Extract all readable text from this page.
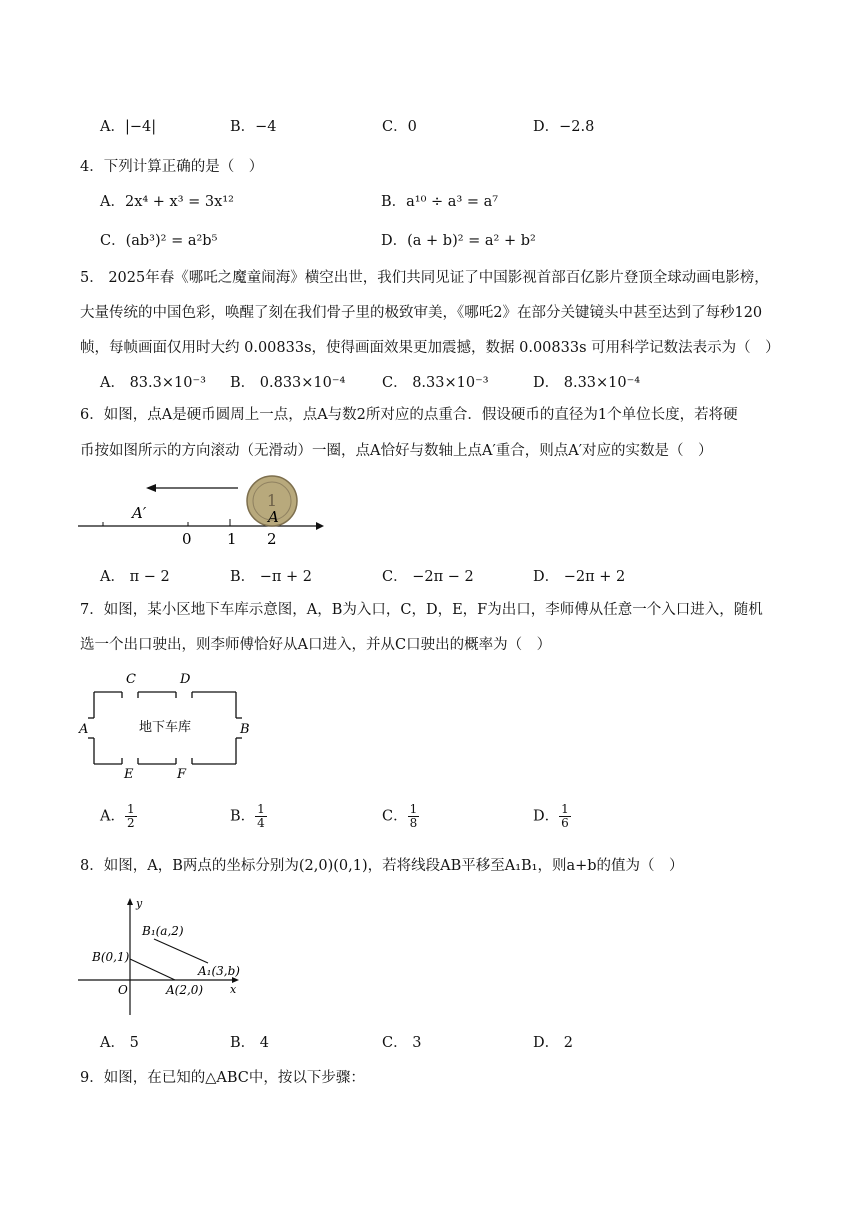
A．|−4|	B．−4	C．0	D．−2.8
4．下列计算正确的是（　）
A．2x⁴ + x³ = 3x¹²	B．a¹⁰ ÷ a³ = a⁷
C．(ab³)² = a²b⁵	D．(a + b)² = a² + b²
5． 2025年春《哪吒之魔童闹海》横空出世，我们共同见证了中国影视首部百亿影片登顶全球动画电影榜，
大量传统的中国色彩，唤醒了刻在我们骨子里的极致审美，《哪吒2》在部分关键镜头中甚至达到了每秒120
帧，每帧画面仅用时大约 0.00833s，使得画面效果更加震撼，数据 0.00833s 可用科学记数法表示为（　）
A． 83.3×10⁻³ B． 0.833×10⁻⁴	C． 8.33×10⁻³	D． 8.33×10⁻⁴
6．如图，点A是硬币圆周上一点，点A与数2所对应的点重合．假设硬币的直径为1个单位长度，若将硬
币按如图所示的方向滚动（无滑动）一圈，点A恰好与数轴上点A′重合，则点A′对应的实数是（　）
1
A′
0 1 2
A
A． π − 2	B． −π + 2	C． −2π − 2	D． −2π + 2
7．如图，某小区地下车库示意图，A，B为入口，C，D，E，F为出口，李师傅从任意一个入口进入，随机
选一个出口驶出，则李师傅恰好从A口进入，并从C口驶出的概率为（　）
地下车库
C	D
A	B
E	F
A． $\frac{1}{2}$	B． $\frac{1}{4}$	C． $\frac{1}{8}$	D． $\frac{1}{6}$
8．如图，A，B两点的坐标分别为(2,0)(0,1)，若将线段AB平移至A₁B₁，则a+b的值为（　）
y
B₁(a,2)
B(0,1)
A₁(3,b)
O	A(2,0) x
A． 5	B． 4	C． 3	D． 2
9．如图，在已知的△ABC中，按以下步骤：
